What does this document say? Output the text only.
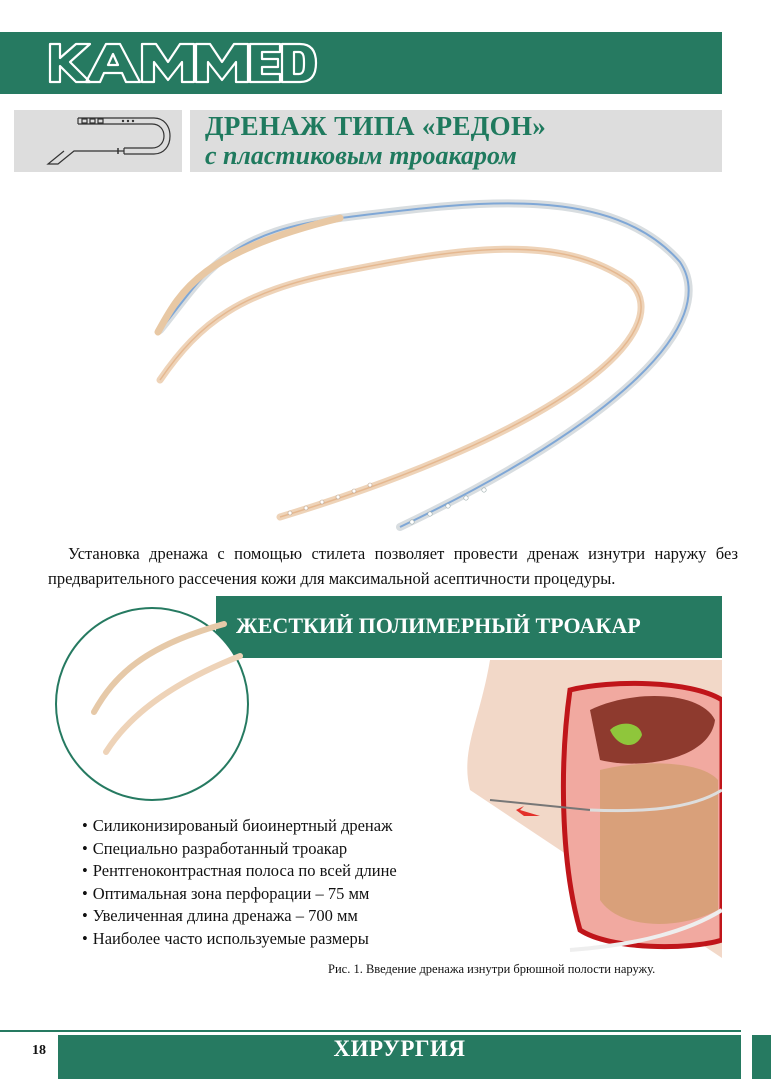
ДРЕНАЖ ТИПА «РЕДОН»
с пластиковым троакаром

Установка дренажа с помощью стилета позволяет провести дренаж изнутри наружу без предварительного рассечения кожи для максимальной асептичности процедуры.

ЖЕСТКИЙ ПОЛИМЕРНЫЙ ТРОАКАР
• Силиконизированый биоинертный дренаж
• Специально разработанный троакар
• Рентгеноконтрастная полоса по всей длине
• Оптимальная зона перфорации – 75 мм
• Увеличенная длина дренажа – 700 мм
• Наиболее часто используемые размеры
Рис. 1. Введение дренажа изнутри брюшной полости наружу.
18	ХИРУРГИЯ
